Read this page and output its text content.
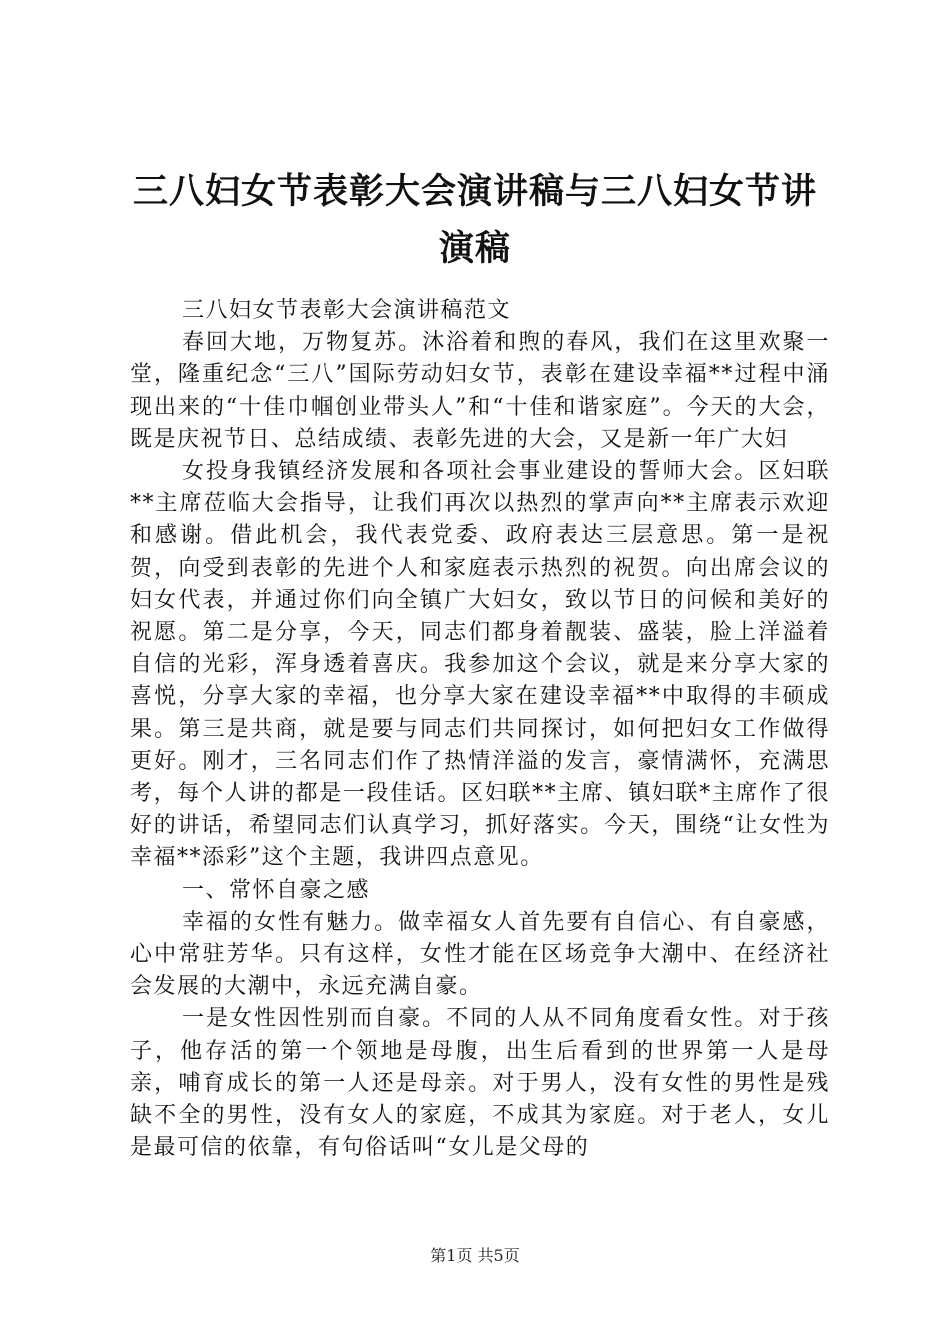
三八妇女节表彰大会演讲稿与三八妇女节讲演稿

三八妇女节表彰大会演讲稿范文

春回大地，万物复苏。沐浴着和煦的春风，我们在这里欢聚一堂，隆重纪念“三八”国际劳动妇女节，表彰在建设幸福**过程中涌现出来的“十佳巾帼创业带头人”和“十佳和谐家庭”。今天的大会，既是庆祝节日、总结成绩、表彰先进的大会，又是新一年广大妇

女投身我镇经济发展和各项社会事业建设的誓师大会。区妇联**主席莅临大会指导，让我们再次以热烈的掌声向**主席表示欢迎和感谢。借此机会，我代表党委、政府表达三层意思。第一是祝贺，向受到表彰的先进个人和家庭表示热烈的祝贺。向出席会议的妇女代表，并通过你们向全镇广大妇女，致以节日的问候和美好的祝愿。第二是分享，今天，同志们都身着靓装、盛装，脸上洋溢着自信的光彩，浑身透着喜庆。我参加这个会议，就是来分享大家的喜悦，分享大家的幸福，也分享大家在建设幸福**中取得的丰硕成果。第三是共商，就是要与同志们共同探讨，如何把妇女工作做得更好。刚才，三名同志们作了热情洋溢的发言，豪情满怀，充满思考，每个人讲的都是一段佳话。区妇联**主席、镇妇联*主席作了很好的讲话，希望同志们认真学习，抓好落实。今天，围绕“让女性为幸福**添彩”这个主题，我讲四点意见。

一、常怀自豪之感

幸福的女性有魅力。做幸福女人首先要有自信心、有自豪感，心中常驻芳华。只有这样，女性才能在区场竞争大潮中、在经济社会发展的大潮中，永远充满自豪。

一是女性因性别而自豪。不同的人从不同角度看女性。对于孩子，他存活的第一个领地是母腹，出生后看到的世界第一人是母亲，哺育成长的第一人还是母亲。对于男人，没有女性的男性是残缺不全的男性，没有女人的家庭，不成其为家庭。对于老人，女儿是最可信的依靠，有句俗话叫“女儿是父母的

第1页 共5页
